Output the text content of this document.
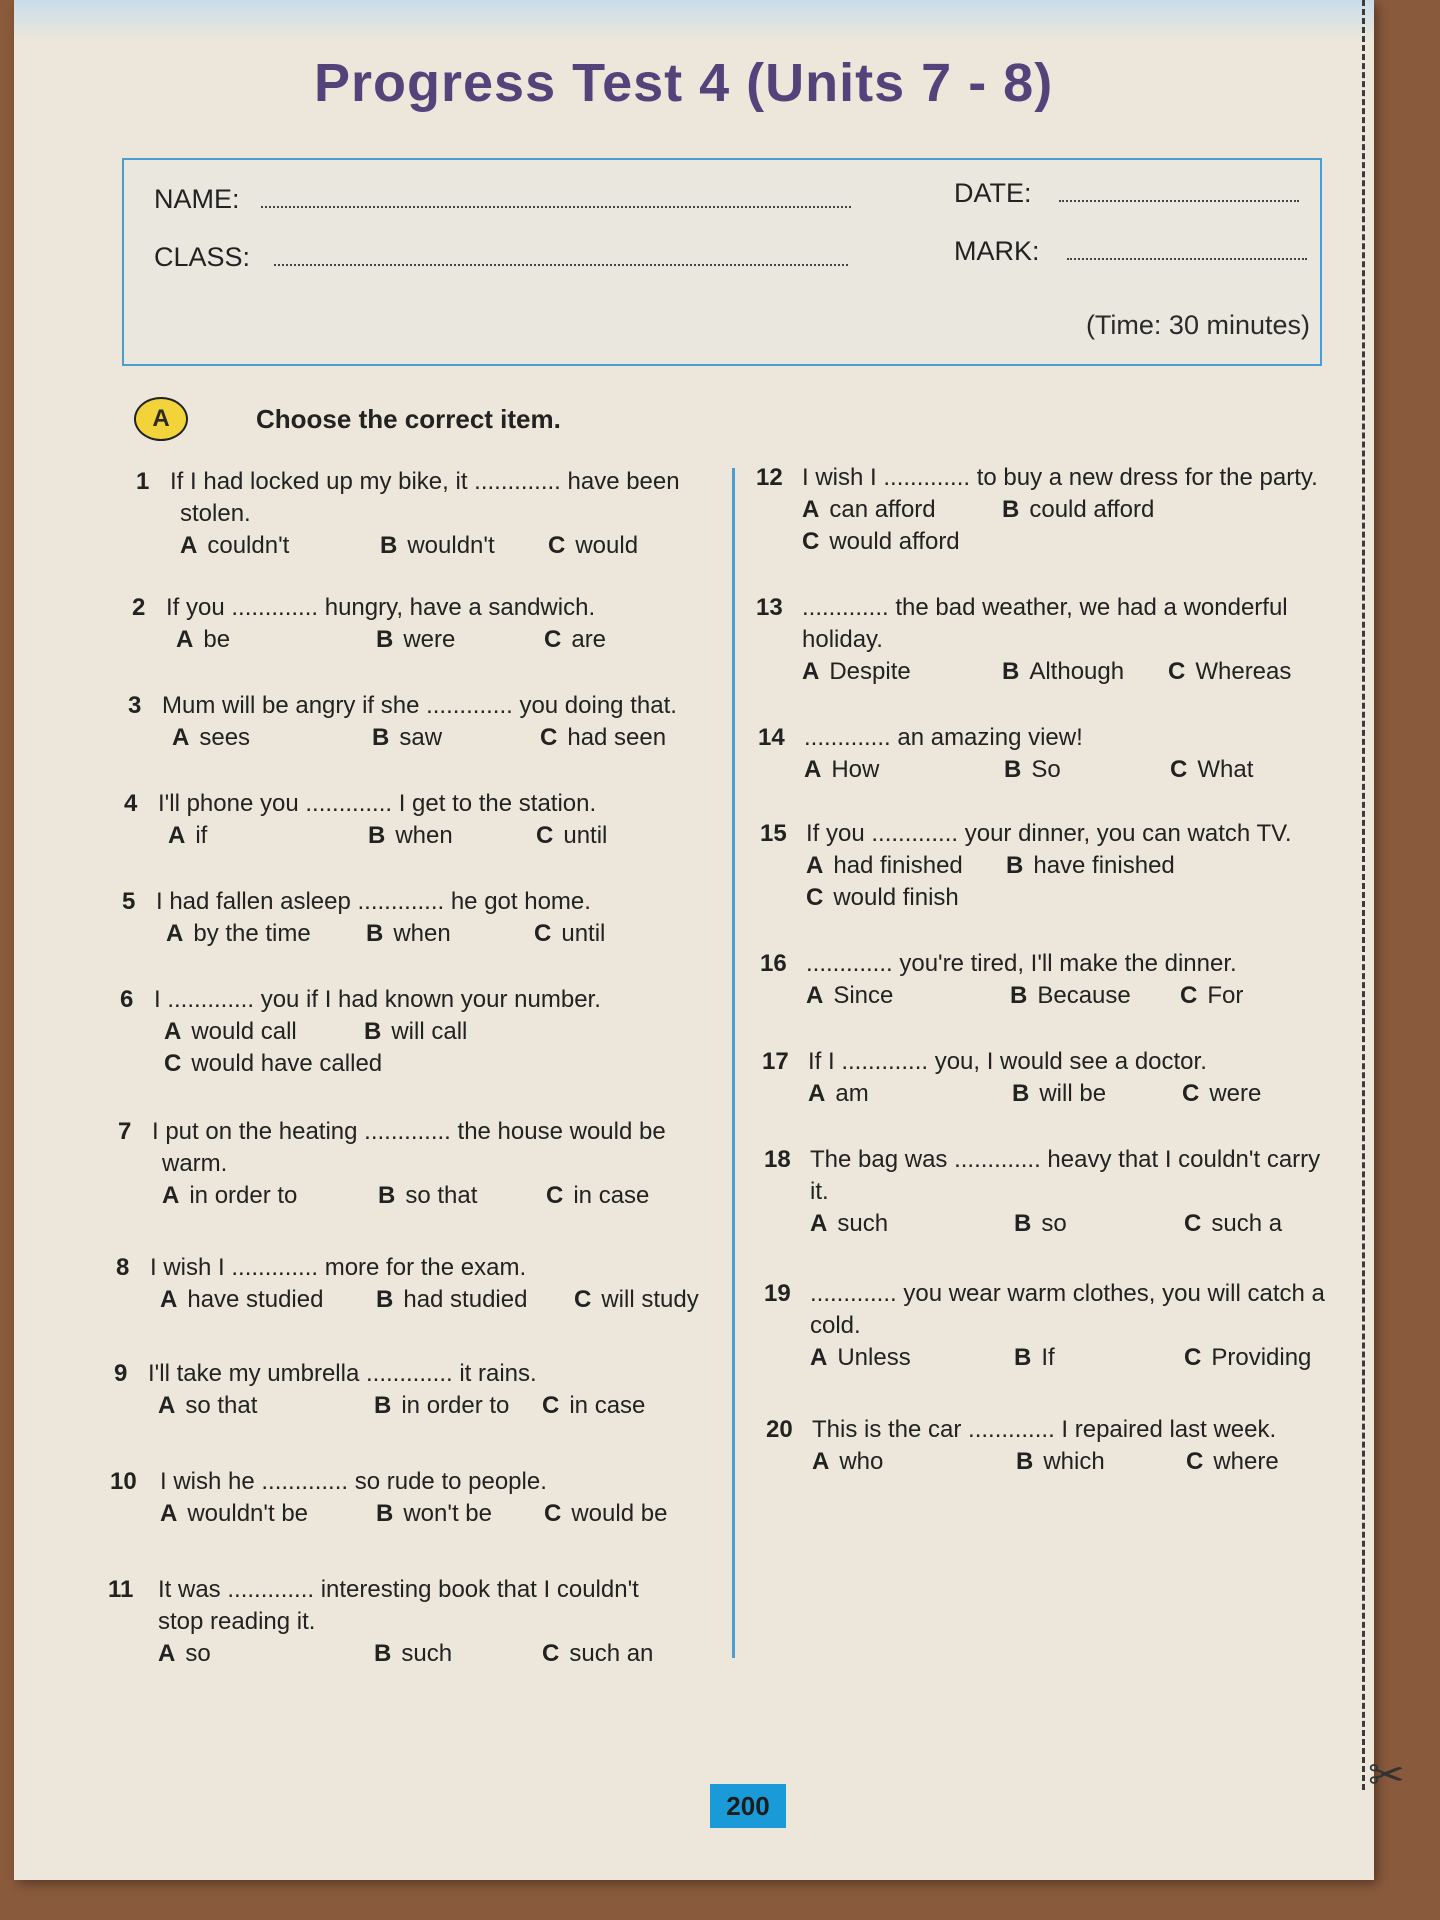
Progress Test 4 (Units 7 - 8)
NAME:	DATE:
CLASS:	MARK:
(Time: 30 minutes)
A	Choose the correct item.
1 If I had locked up my bike, it ............. have been
stolen.
A couldn't	B wouldn't C would
2 If you ............. hungry, have a sandwich.
A be	B were	C are
3 Mum will be angry if she ............. you doing that.
A sees	B saw	C had seen
4 I'll phone you ............. I get to the station.
A if	B when	C until
5 I had fallen asleep ............. he got home.
A by the time B when	C until
6 I ............. you if I had known your number.
A would call	B will call
C would have called
7 I put on the heating ............. the house would be
warm.
A in order to	B so that	C in case
8 I wish I ............. more for the exam.
A have studied B had studied C will study
9 I'll take my umbrella ............. it rains.
A so that	B in order to C in case
10 I wish he ............. so rude to people.
A wouldn't be	B won't be C would be
11 It was ............. interesting book that I couldn't
stop reading it.
A so	B such	C such an
12 I wish I ............. to buy a new dress for the party.
A can afford	B could afford
C would afford
13 ............. the bad weather, we had a wonderful
holiday.
A Despite	B Although C Whereas
14 ............. an amazing view!
A How	B So	C What
15 If you ............. your dinner, you can watch TV.
A had finished B have finished
C would finish
16 ............. you're tired, I'll make the dinner.
A Since	B Because C For
17 If I ............. you, I would see a doctor.
A am	B will be	C were
18 The bag was ............. heavy that I couldn't carry
it.
A such	B so	C such a
19 ............. you wear warm clothes, you will catch a
cold.
A Unless	B If	C Providing
20 This is the car ............. I repaired last week.
A who	B which	C where
200
✂
